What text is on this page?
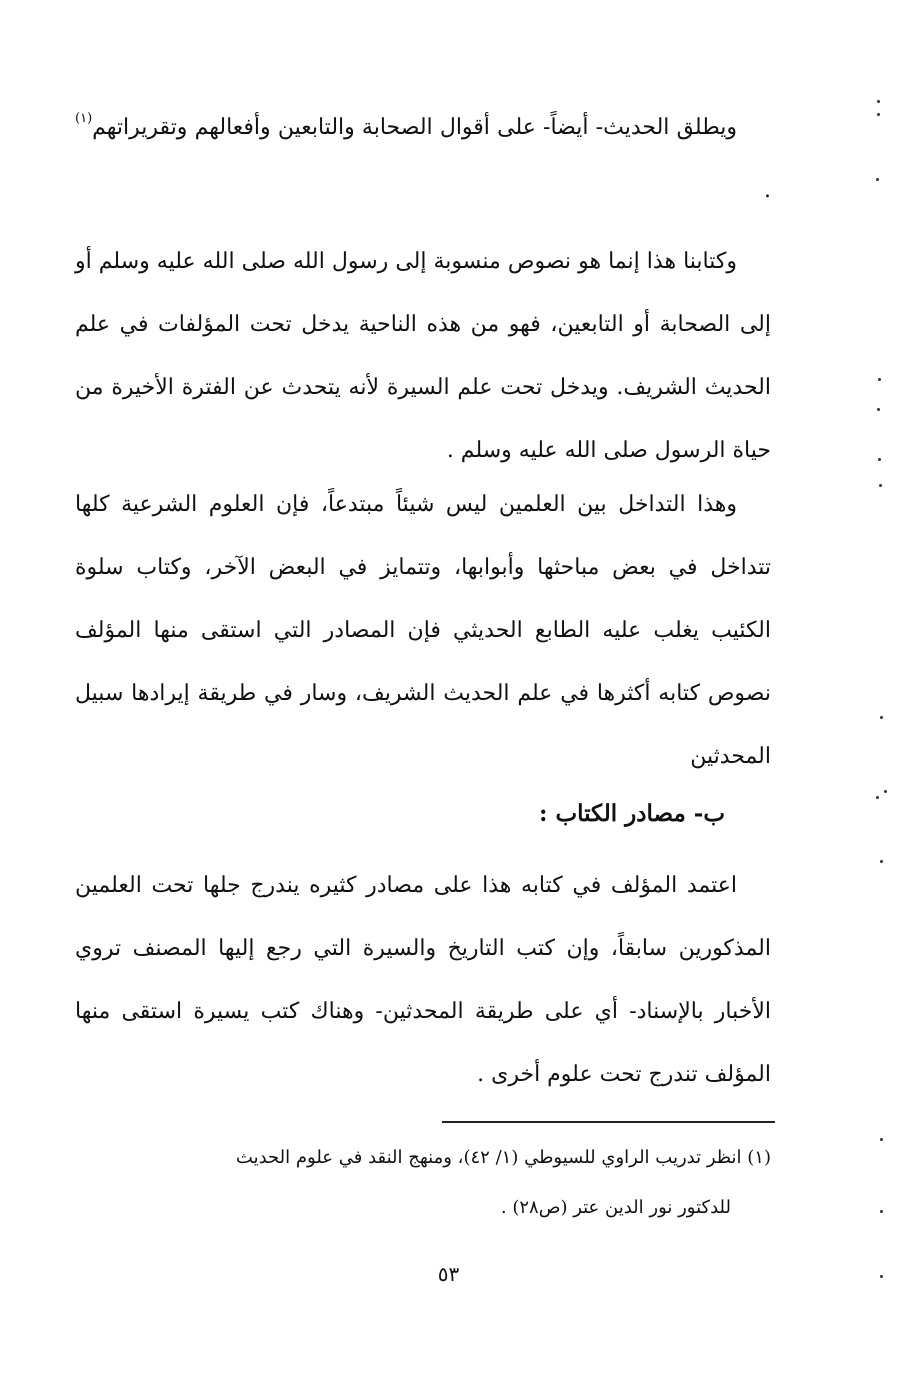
ويطلق الحديث- أيضاً- على أقوال الصحابة والتابعين وأفعالهم وتقريراتهم$^{(١)}$ .

وكتابنا هذا إنما هو نصوص منسوبة إلى رسول الله صلى الله عليه وسلم أو إلى الصحابة أو التابعين، فهو من هذه الناحية يدخل تحت المؤلفات في علم الحديث الشريف. ويدخل تحت علم السيرة لأنه يتحدث عن الفترة الأخيرة من حياة الرسول صلى الله عليه وسلم .

وهذا التداخل بين العلمين ليس شيئاً مبتدعاً، فإن العلوم الشرعية كلها تتداخل في بعض مباحثها وأبوابها، وتتمايز في البعض الآخر، وكتاب سلوة الكئيب يغلب عليه الطابع الحديثي فإن المصادر التي استقى منها المؤلف نصوص كتابه أكثرها في علم الحديث الشريف، وسار في طريقة إيرادها سبيل المحدثين

ب- مصادر الكتاب :

اعتمد المؤلف في كتابه هذا على مصادر كثيره يندرج جلها تحت العلمين المذكورين سابقاً، وإن كتب التاريخ والسيرة التي رجع إليها المصنف تروي الأخبار بالإسناد- أي على طريقة المحدثين- وهناك كتب يسيرة استقى منها المؤلف تندرج تحت علوم أخرى .

(١) انظر تدريب الراوي للسيوطي (١/ ٤٢)، ومنهج النقد في علوم الحديث
للدكتور نور الدين عتر (ص٢٨) .
٥٣
